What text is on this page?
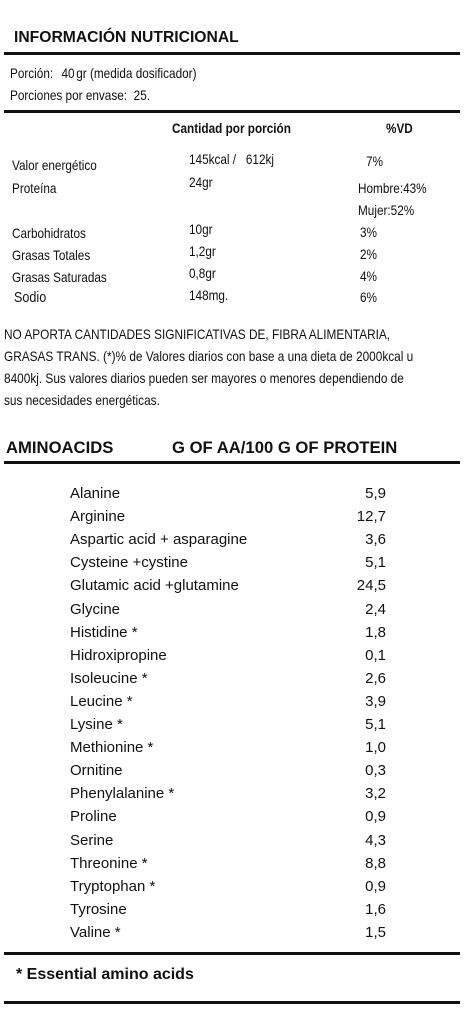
INFORMACIÓN NUTRICIONAL
Porción: 40 gr (medida dosificador)
Porciones por envase: 25.
Cantidad por porción	%VD
Valor energético	145kcal /   612kj	7%
Proteína	24gr	Hombre:43%
Mujer:52%
Carbohidratos	10gr	3%
Grasas Totales	1,2gr	2%
Grasas Saturadas	0,8gr	4%
Sodio	148mg.	6%
NO APORTA CANTIDADES SIGNIFICATIVAS DE, FIBRA ALIMENTARIA,
GRASAS TRANS. (*)% de Valores diarios con base a una dieta de 2000kcal u
8400kj. Sus valores diarios pueden ser mayores o menores dependiendo de
sus necesidades energéticas.
AMINOACIDS	G OF AA/100 G OF PROTEIN
Alanine	5,9
Arginine	12,7
Aspartic acid + asparagine	3,6
Cysteine +cystine	5,1
Glutamic acid +glutamine	24,5
Glycine	2,4
Histidine *	1,8
Hidroxipropine	0,1
Isoleucine *	2,6
Leucine *	3,9
Lysine *	5,1
Methionine *	1,0
Ornitine	0,3
Phenylalanine *	3,2
Proline	0,9
Serine	4,3
Threonine *	8,8
Tryptophan *	0,9
Tyrosine	1,6
Valine *	1,5
* Essential amino acids
